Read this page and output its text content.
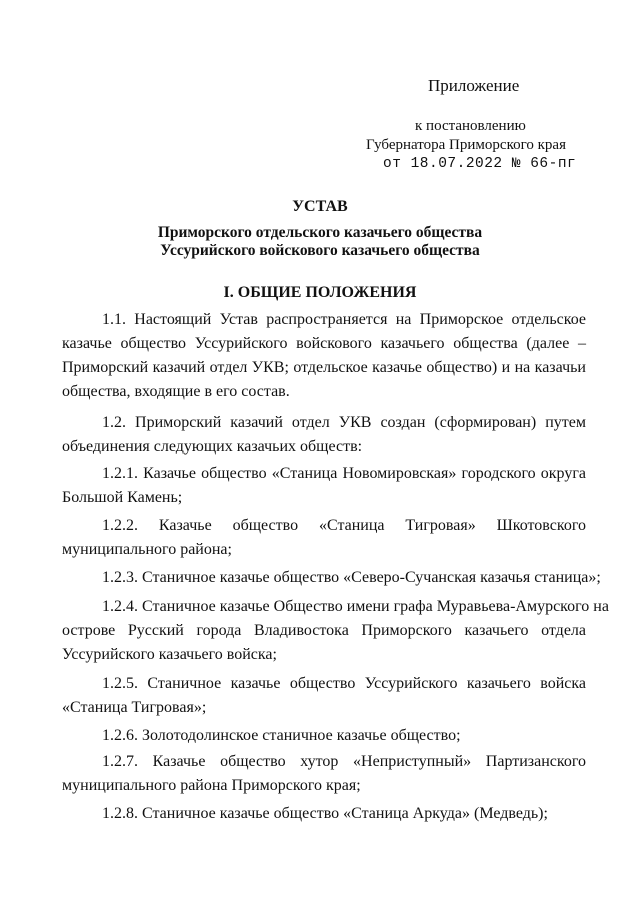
Приложение
к постановлению
Губернатора Приморского края
от 18.07.2022 № 66-пг
УСТАВ
Приморского отдельского казачьего общества
Уссурийского войскового казачьего общества
I. ОБЩИЕ ПОЛОЖЕНИЯ
1.1. Настоящий Устав распространяется на Приморское отдельское
казачье общество Уссурийского войскового казачьего общества (далее –
Приморский казачий отдел УКВ; отдельское казачье общество) и на казачьи
общества, входящие в его состав.
1.2. Приморский казачий отдел УКВ создан (сформирован) путем
объединения следующих казачьих обществ:
1.2.1. Казачье общество «Станица Новомировская» городского округа
Большой Камень;
1.2.2. Казачье общество «Станица Тигровая» Шкотовского
муниципального района;
1.2.3. Станичное казачье общество «Северо-Сучанская казачья станица»;
1.2.4. Станичное казачье Общество имени графа Муравьева-Амурского на
острове Русский города Владивостока Приморского казачьего отдела
Уссурийского казачьего войска;
1.2.5. Станичное казачье общество Уссурийского казачьего войска
«Станица Тигровая»;
1.2.6. Золотодолинское станичное казачье общество;
1.2.7. Казачье общество хутор «Неприступный» Партизанского
муниципального района Приморского края;
1.2.8. Станичное казачье общество «Станица Аркуда» (Медведь);
